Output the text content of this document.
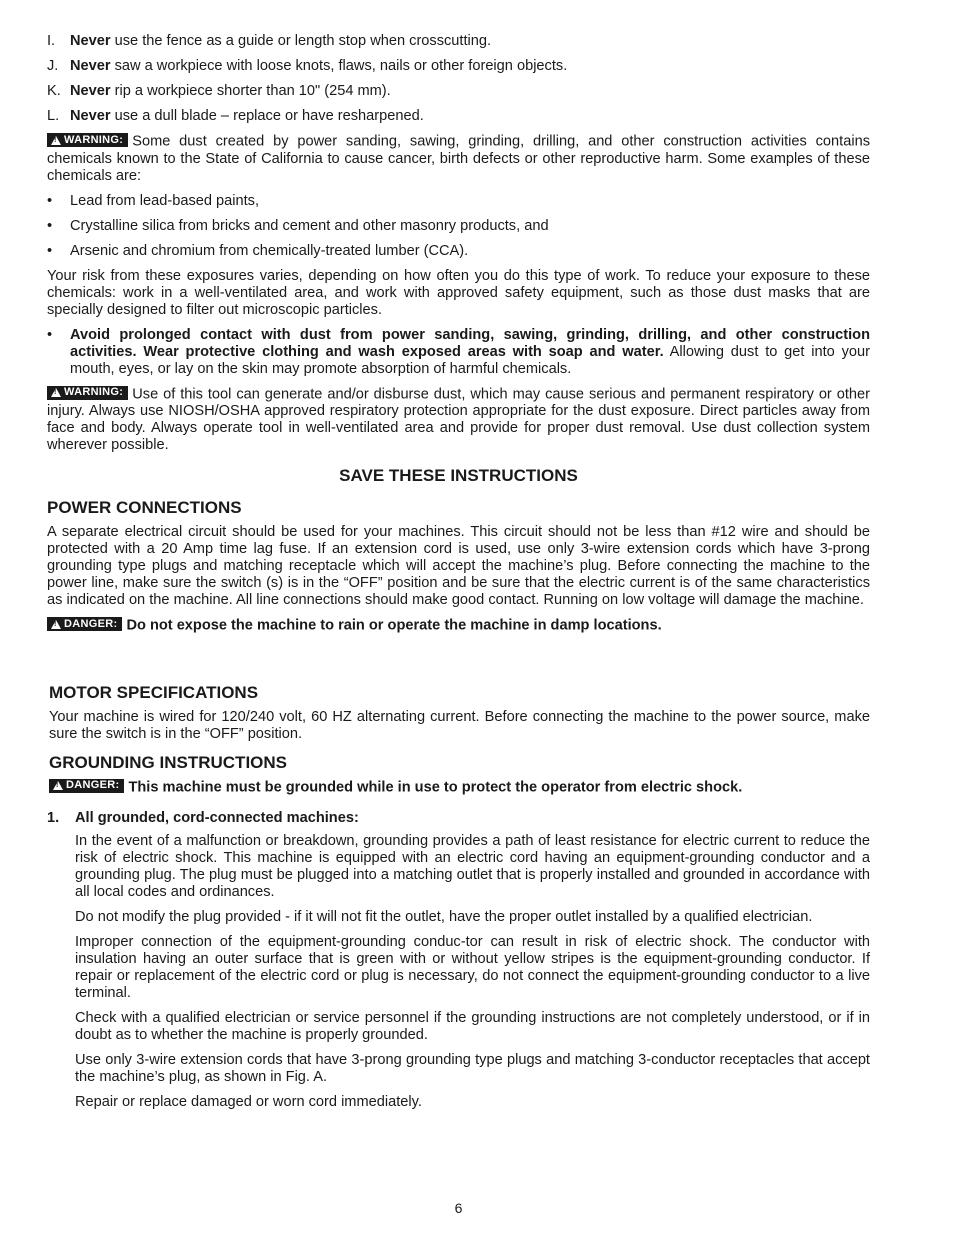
I.	Never use the fence as a guide or length stop when crosscutting.
J. Never saw a workpiece with loose knots, flaws, nails or other foreign objects.
K. Never rip a workpiece shorter than 10" (254 mm).
L. Never use a dull blade – replace or have resharpened.

!
WARNING: Some dust created by power sanding, sawing, grinding, drilling, and other construction activities contains chemicals known to the State of California to cause cancer, birth defects or other reproductive harm. Some examples of these chemicals are:

•	Lead from lead-based paints,
•	Crystalline silica from bricks and cement and other masonry products, and
•	Arsenic and chromium from chemically-treated lumber (CCA).

Your risk from these exposures varies, depending on how often you do this type of work. To reduce your exposure to these chemicals: work in a well-ventilated area, and work with approved safety equipment, such as those dust masks that are specially designed to filter out microscopic particles.

•	Avoid prolonged contact with dust from power sanding, sawing, grinding, drilling, and other construction activities. Wear protective clothing and wash exposed areas with soap and water. Allowing dust to get into your mouth, eyes, or lay on the skin may promote absorption of harmful chemicals.

!
WARNING: Use of this tool can generate and/or disburse dust, which may cause serious and permanent respiratory or other injury. Always use NIOSH/OSHA approved respiratory protection appropriate for the dust exposure. Direct particles away from face and body. Always operate tool in well-ventilated area and provide for proper dust removal. Use dust collection system wherever possible.

SAVE THESE INSTRUCTIONS
POWER CONNECTIONS

A separate electrical circuit should be used for your machines. This circuit should not be less than #12 wire and should be protected with a 20 Amp time lag fuse. If an extension cord is used, use only 3-wire extension cords which have 3-prong grounding type plugs and matching receptacle which will accept the machine’s plug. Before connecting the machine to the power line, make sure the switch (s) is in the “OFF” position and be sure that the electric current is of the same characteristics as indicated on the machine. All line connections should make good contact. Running on low voltage will damage the machine.

!
DANGER: Do not expose the machine to rain or operate the machine in damp locations.

MOTOR SPECIFICATIONS

Your machine is wired for 120/240 volt, 60 HZ alternating current. Before connecting the machine to the power source, make sure the switch is in the “OFF” position.

GROUNDING INSTRUCTIONS

!
DANGER: This machine must be grounded while in use to protect the operator from electric shock.

1.	All grounded, cord-connected machines:

In the event of a malfunction or breakdown, grounding provides a path of least resistance for electric current to reduce the risk of electric shock. This machine is equipped with an electric cord having an equipment-grounding conductor and a grounding plug. The plug must be plugged into a matching outlet that is properly installed and grounded in accordance with all local codes and ordinances.

Do not modify the plug provided - if it will not fit the outlet, have the proper outlet installed by a qualified electrician.

Improper connection of the equipment-grounding conduc-tor can result in risk of electric shock. The conductor with insulation having an outer surface that is green with or without yellow stripes is the equipment-grounding conductor. If repair or replacement of the electric cord or plug is necessary, do not connect the equipment-grounding conductor to a live terminal.

Check with a qualified electrician or service personnel if the grounding instructions are not completely understood, or if in doubt as to whether the machine is properly grounded.

Use only 3-wire extension cords that have 3-prong grounding type plugs and matching 3-conductor receptacles that accept the machine’s plug, as shown in Fig. A.

Repair or replace damaged or worn cord immediately.

6
